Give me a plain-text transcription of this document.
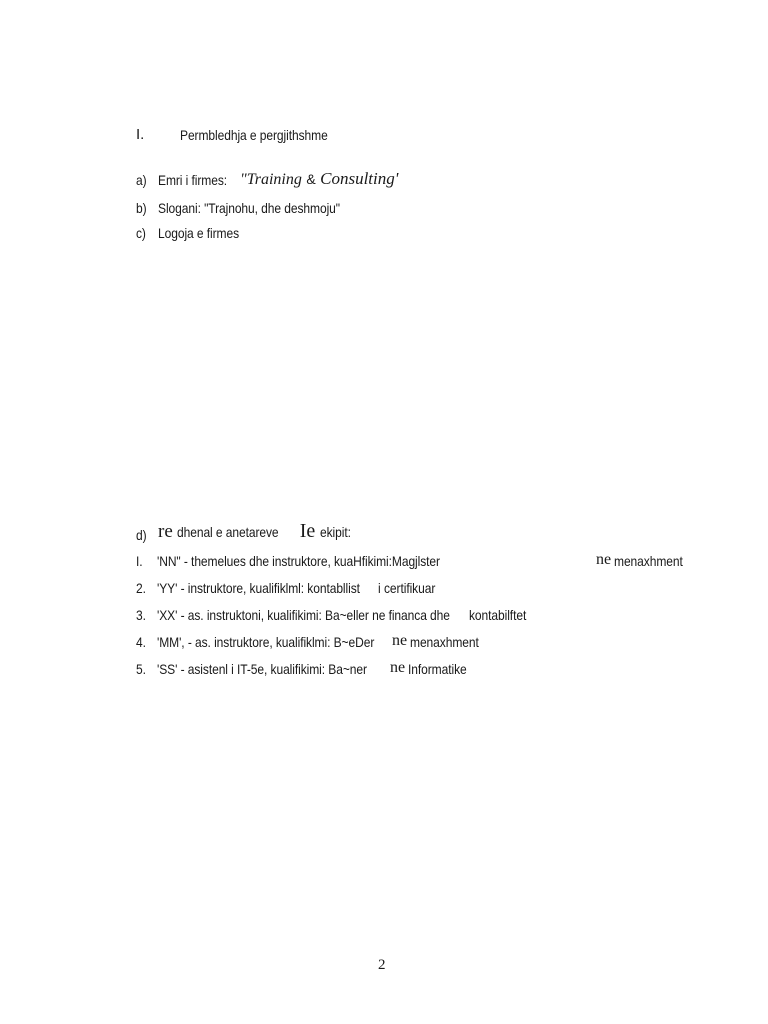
I.	Permbledhja e pergjithshme
a) Emri i firmes: "Training & Consulting'
b) Slogani: "Trajnohu, dhe deshmoju"
c) Logoja e firmes
d) re dhenal e anetareve Ie ekipit:
I. 'NN" - themelues dhe instruktore, kuaHfikimi:Magjlster	ne menaxhment
2. 'YY' - instruktore, kualifiklml: kontabllist i certifikuar
3. 'XX' - as. instruktoni, kualifikimi: Ba~eller ne financa dhe kontabilftet
4. 'MM', - as. instruktore, kualifiklmi: B~eDer ne menaxhment
5. 'SS' - asistenl i IT-5e, kualifikimi: Ba~ner ne Informatike
2
